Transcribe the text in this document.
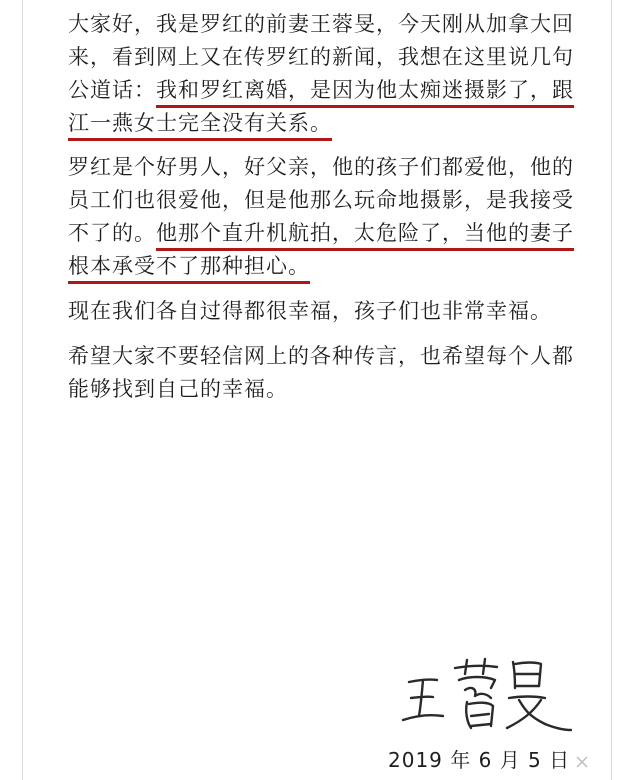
大家好，我是罗红的前妻王蓉旻，今天刚从加拿大回来，看到网上又在传罗红的新闻，我想在这里说几句公道话：我和罗红离婚，是因为他太痴迷摄影了，跟江一燕女士完全没有关系。

罗红是个好男人，好父亲，他的孩子们都爱他，他的员工们也很爱他，但是他那么玩命地摄影，是我接受不了的。他那个直升机航拍，太危险了，当他的妻子根本承受不了那种担心。

现在我们各自过得都很幸福，孩子们也非常幸福。

希望大家不要轻信网上的各种传言，也希望每个人都能够找到自己的幸福。

2019 年 6 月 5 日
